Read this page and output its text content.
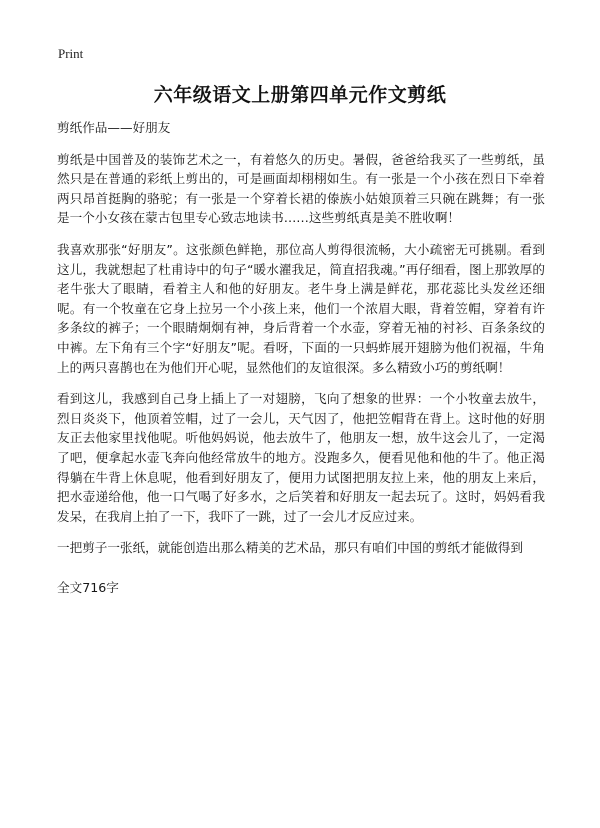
Print
六年级语文上册第四单元作文剪纸

剪纸作品——好朋友

剪纸是中国普及的装饰艺术之一，有着悠久的历史。暑假，爸爸给我买了一些剪纸，虽然只是在普通的彩纸上剪出的，可是画面却栩栩如生。有一张是一个小孩在烈日下牵着两只昂首挺胸的骆驼；有一张是一个穿着长裙的傣族小姑娘顶着三只碗在跳舞；有一张是一个小女孩在蒙古包里专心致志地读书……这些剪纸真是美不胜收啊！

我喜欢那张“好朋友”。这张颜色鲜艳，那位高人剪得很流畅，大小疏密无可挑剔。看到这儿，我就想起了杜甫诗中的句子“暖水濯我足，简直招我魂。”再仔细看，图上那敦厚的老牛张大了眼睛，看着主人和他的好朋友。老牛身上满是鲜花，那花蕊比头发丝还细呢。有一个牧童在它身上拉另一个小孩上来，他们一个浓眉大眼，背着笠帽，穿着有许多条纹的裤子；一个眼睛炯炯有神，身后背着一个水壶，穿着无袖的衬衫、百条条纹的中裤。左下角有三个字“好朋友”呢。看呀，下面的一只蚂蚱展开翅膀为他们祝福，牛角上的两只喜鹊也在为他们开心呢，显然他们的友谊很深。多么精致小巧的剪纸啊！

看到这儿，我感到自己身上插上了一对翅膀，飞向了想象的世界：一个小牧童去放牛，烈日炎炎下，他顶着笠帽，过了一会儿，天气因了，他把笠帽背在背上。这时他的好朋友正去他家里找他呢。听他妈妈说，他去放牛了，他朋友一想，放牛这会儿了，一定渴了吧，便拿起水壶飞奔向他经常放牛的地方。没跑多久，便看见他和他的牛了。他正渴得躺在牛背上休息呢，他看到好朋友了，便用力试图把朋友拉上来，他的朋友上来后，把水壶递给他，他一口气喝了好多水，之后笑着和好朋友一起去玩了。这时，妈妈看我发呆，在我肩上拍了一下，我吓了一跳，过了一会儿才反应过来。

一把剪子一张纸，就能创造出那么精美的艺术品，那只有咱们中国的剪纸才能做得到

全文716字
